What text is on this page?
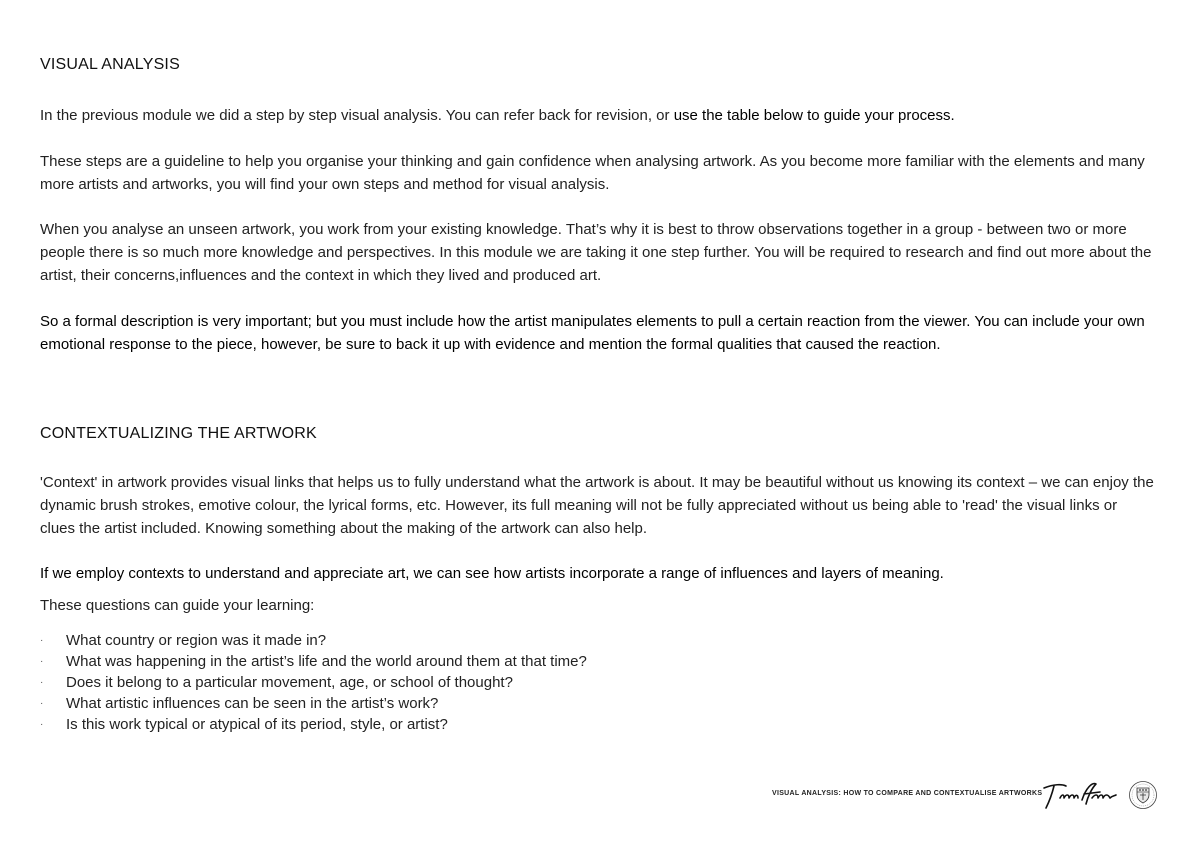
VISUAL ANALYSIS

In the previous module we did a step by step visual analysis. You can refer back for revision, or use the table below to guide your process.

These steps are a guideline to help you organise your thinking and gain confidence when analysing artwork. As you become more familiar with the elements and many more artists and artworks, you will find your own steps and method for visual analysis.

When you analyse an unseen artwork, you work from your existing knowledge. That’s why it is best to throw observations together in a group - between two or more people there is so much more knowledge and perspectives. In this module we are taking it one step further. You will be required to research and find out more about the artist, their concerns,influences and the context in which they lived and produced art.

So a formal description is very important; but you must include how the artist manipulates elements to pull a certain reaction from the viewer. You can include your own emotional response to the piece, however, be sure to back it up with evidence and mention the formal qualities that caused the reaction.

CONTEXTUALIZING THE ARTWORK

'Context' in artwork provides visual links that helps us to fully understand what the artwork is about. It may be beautiful without us knowing its context – we can enjoy the dynamic brush strokes, emotive colour, the lyrical forms, etc. However, its full meaning will not be fully appreciated without us being able to 'read' the visual links or clues the artist included. Knowing something about the making of the artwork can also help.

If we employ contexts to understand and appreciate art, we can see how artists incorporate a range of influences and layers of meaning.

These questions can guide your learning:

· What country or region was it made in?
· What was happening in the artist’s life and the world around them at that time?
· Does it belong to a particular movement, age, or school of thought?
· What artistic influences can be seen in the artist’s work?
· Is this work typical or atypical of its period, style, or artist?
VISUAL ANALYSIS: HOW TO COMPARE AND CONTEXTUALISE ARTWORKS
